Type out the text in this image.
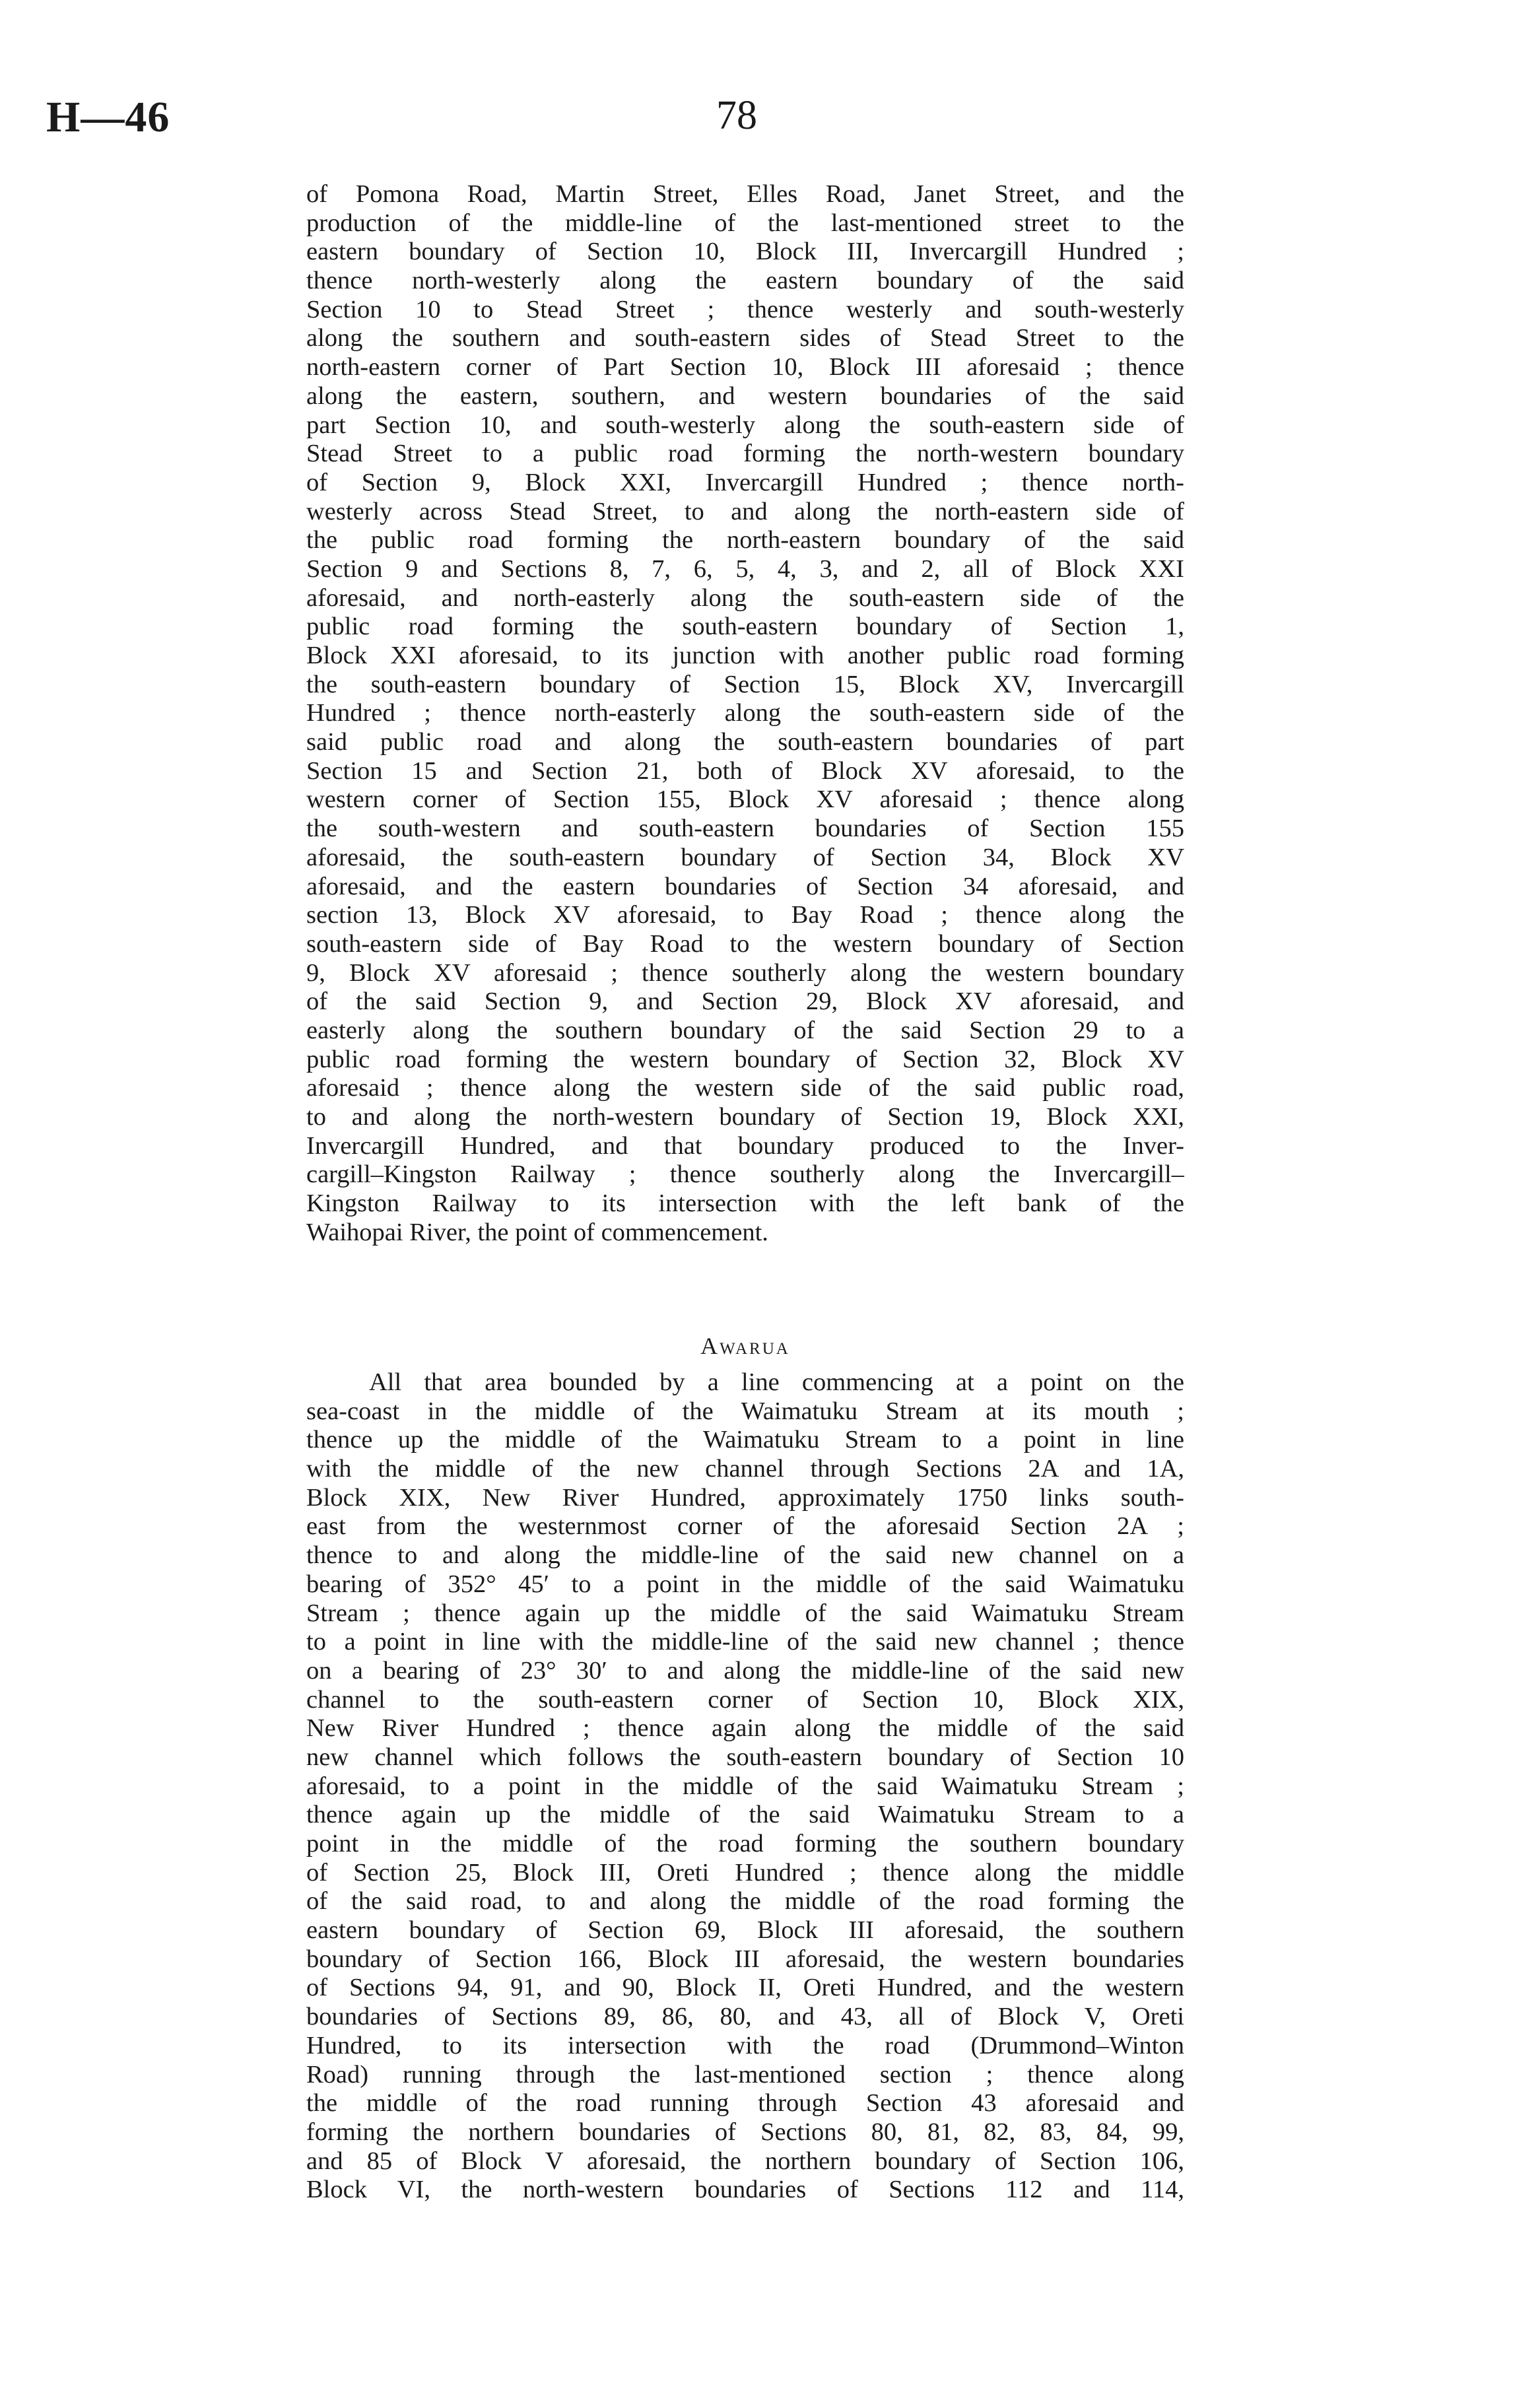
H—46	78
of Pomona Road, Martin Street, Elles Road, Janet Street, and the
production of the middle-line of the last-mentioned street to the
eastern boundary of Section 10, Block III, Invercargill Hundred ;
thence north-westerly along the eastern boundary of the said
Section 10 to Stead Street ; thence westerly and south-westerly
along the southern and south-eastern sides of Stead Street to the
north-eastern corner of Part Section 10, Block III aforesaid ; thence
along the eastern, southern, and western boundaries of the said
part Section 10, and south-westerly along the south-eastern side of
Stead Street to a public road forming the north-western boundary
of Section 9, Block XXI, Invercargill Hundred ; thence north-
westerly across Stead Street, to and along the north-eastern side of
the public road forming the north-eastern boundary of the said
Section 9 and Sections 8, 7, 6, 5, 4, 3, and 2, all of Block XXI
aforesaid, and north-easterly along the south-eastern side of the
public road forming the south-eastern boundary of Section 1,
Block XXI aforesaid, to its junction with another public road forming
the south-eastern boundary of Section 15, Block XV, Invercargill
Hundred ; thence north-easterly along the south-eastern side of the
said public road and along the south-eastern boundaries of part
Section 15 and Section 21, both of Block XV aforesaid, to the
western corner of Section 155, Block XV aforesaid ; thence along
the south-western and south-eastern boundaries of Section 155
aforesaid, the south-eastern boundary of Section 34, Block XV
aforesaid, and the eastern boundaries of Section 34 aforesaid, and
section 13, Block XV aforesaid, to Bay Road ; thence along the
south-eastern side of Bay Road to the western boundary of Section
9, Block XV aforesaid ; thence southerly along the western boundary
of the said Section 9, and Section 29, Block XV aforesaid, and
easterly along the southern boundary of the said Section 29 to a
public road forming the western boundary of Section 32, Block XV
aforesaid ; thence along the western side of the said public road,
to and along the north-western boundary of Section 19, Block XXI,
Invercargill Hundred, and that boundary produced to the Inver-
cargill–Kingston Railway ; thence southerly along the Invercargill–
Kingston Railway to its intersection with the left bank of the
Waihopai River, the point of commencement.
Awarua
All that area bounded by a line commencing at a point on the
sea-coast in the middle of the Waimatuku Stream at its mouth ;
thence up the middle of the Waimatuku Stream to a point in line
with the middle of the new channel through Sections 2A and 1A,
Block XIX, New River Hundred, approximately 1750 links south-
east from the westernmost corner of the aforesaid Section 2A ;
thence to and along the middle-line of the said new channel on a
bearing of 352° 45′ to a point in the middle of the said Waimatuku
Stream ; thence again up the middle of the said Waimatuku Stream
to a point in line with the middle-line of the said new channel ; thence
on a bearing of 23° 30′ to and along the middle-line of the said new
channel to the south-eastern corner of Section 10, Block XIX,
New River Hundred ; thence again along the middle of the said
new channel which follows the south-eastern boundary of Section 10
aforesaid, to a point in the middle of the said Waimatuku Stream ;
thence again up the middle of the said Waimatuku Stream to a
point in the middle of the road forming the southern boundary
of Section 25, Block III, Oreti Hundred ; thence along the middle
of the said road, to and along the middle of the road forming the
eastern boundary of Section 69, Block III aforesaid, the southern
boundary of Section 166, Block III aforesaid, the western boundaries
of Sections 94, 91, and 90, Block II, Oreti Hundred, and the western
boundaries of Sections 89, 86, 80, and 43, all of Block V, Oreti
Hundred, to its intersection with the road (Drummond–Winton
Road) running through the last-mentioned section ; thence along
the middle of the road running through Section 43 aforesaid and
forming the northern boundaries of Sections 80, 81, 82, 83, 84, 99,
and 85 of Block V aforesaid, the northern boundary of Section 106,
Block VI, the north-western boundaries of Sections 112 and 114,
